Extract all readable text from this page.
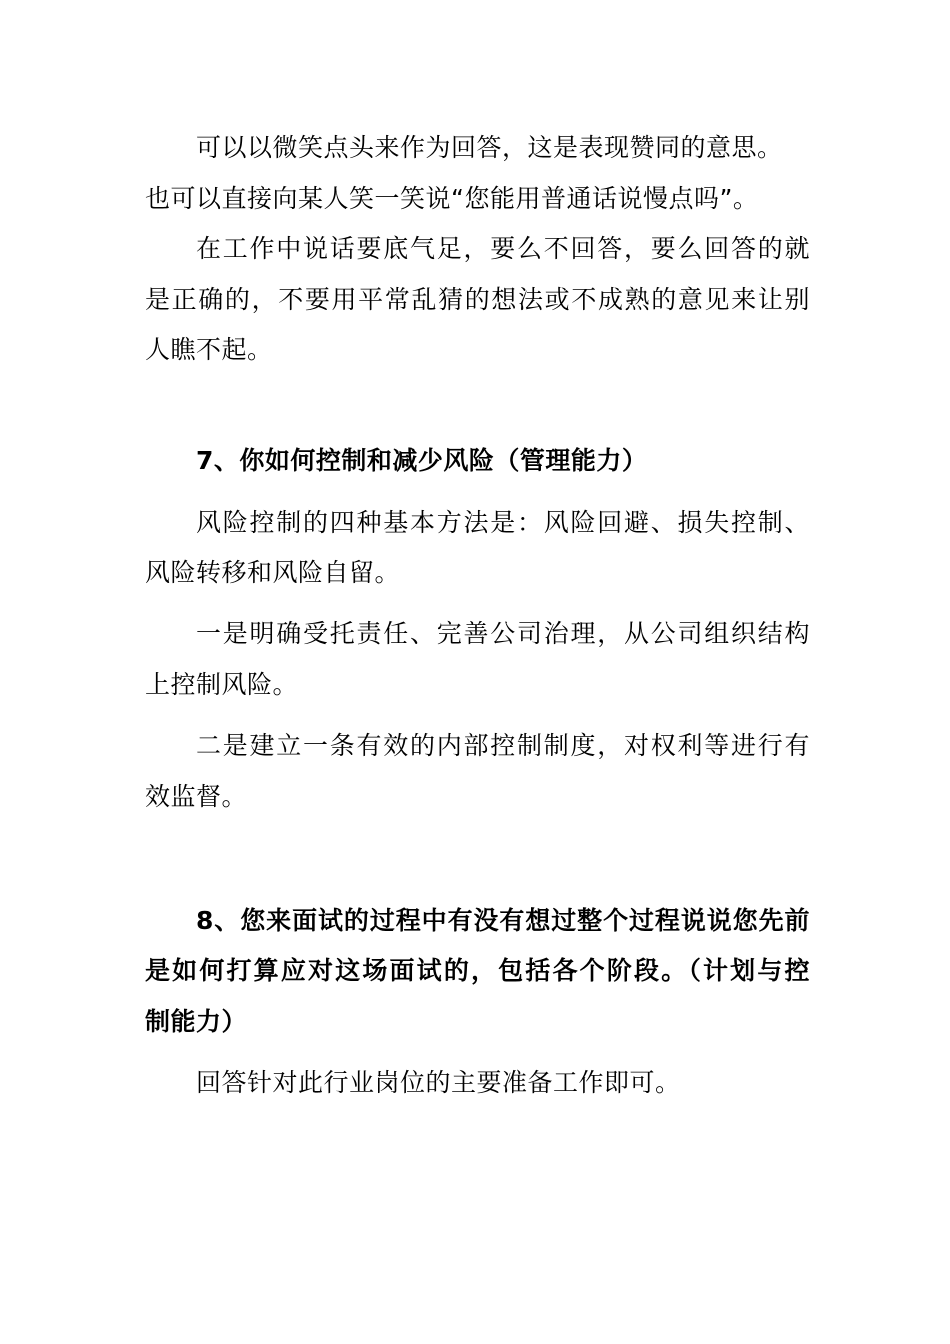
可以以微笑点头来作为回答，这是表现赞同的意思。
也可以直接向某人笑一笑说“您能用普通话说慢点吗”。
在工作中说话要底气足，要么不回答，要么回答的就
是正确的，不要用平常乱猜的想法或不成熟的意见来让别
人瞧不起。
7、你如何控制和减少风险（管理能力）
风险控制的四种基本方法是：风险回避、损失控制、
风险转移和风险自留。
一是明确受托责任、完善公司治理，从公司组织结构
上控制风险。
二是建立一条有效的内部控制制度，对权利等进行有
效监督。
8、您来面试的过程中有没有想过整个过程说说您先前
是如何打算应对这场面试的，包括各个阶段。（计划与控
制能力）
回答针对此行业岗位的主要准备工作即可。
